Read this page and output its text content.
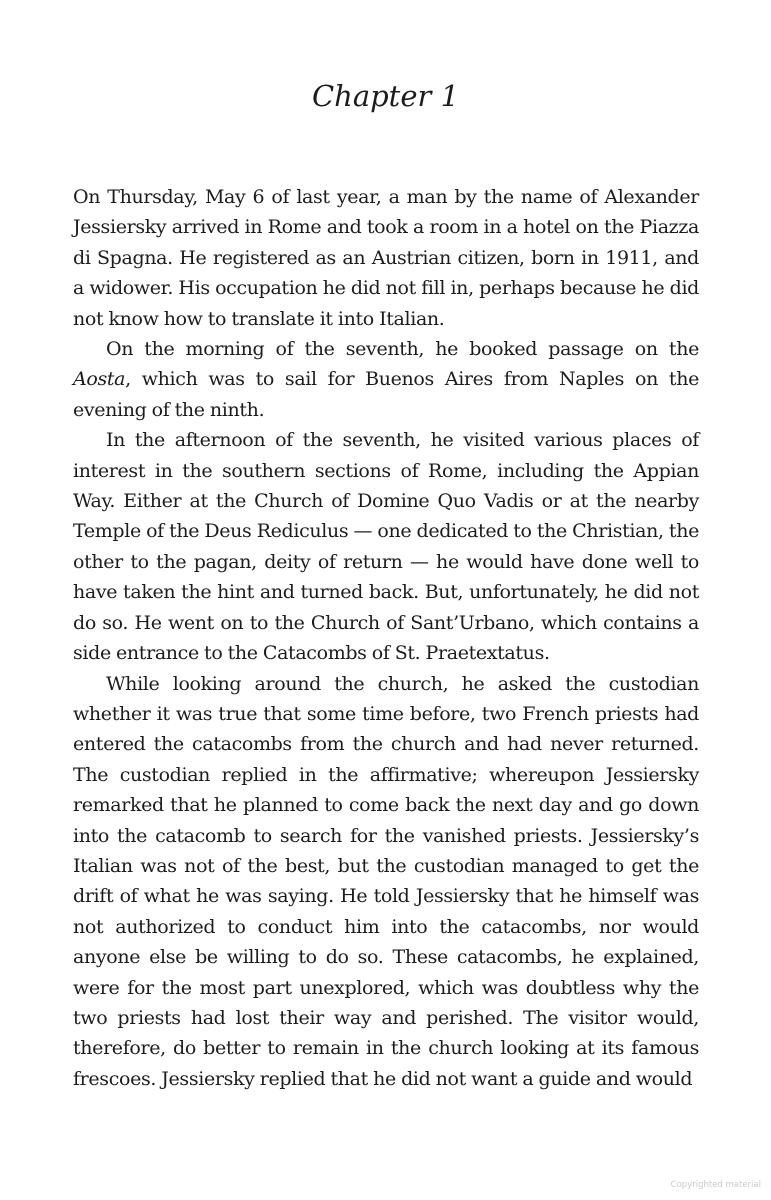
Chapter 1

On Thursday, May 6 of last year, a man by the name of Alexander Jessiersky arrived in Rome and took a room in a hotel on the Piazza di Spagna. He registered as an Austrian citizen, born in 1911, and a widower. His occupation he did not fill in, perhaps because he did not know how to translate it into Italian.

On the morning of the seventh, he booked passage on the Aosta, which was to sail for Buenos Aires from Naples on the evening of the ninth.

In the afternoon of the seventh, he visited various places of interest in the southern sections of Rome, including the Appian Way. Either at the Church of Domine Quo Vadis or at the nearby Temple of the Deus Rediculus — one dedicated to the Christian, the other to the pagan, deity of return — he would have done well to have taken the hint and turned back. But, unfortunately, he did not do so. He went on to the Church of Sant’Urbano, which contains a side entrance to the Catacombs of St. Praetextatus.

While looking around the church, he asked the custodian whether it was true that some time before, two French priests had entered the catacombs from the church and had never returned. The custodian replied in the affirmative; whereupon Jessiersky remarked that he planned to come back the next day and go down into the catacomb to search for the vanished priests. Jessiersky’s Italian was not of the best, but the custodian managed to get the drift of what he was saying. He told Jessiersky that he himself was not authorized to conduct him into the catacombs, nor would anyone else be willing to do so. These catacombs, he explained, were for the most part unexplored, which was doubtless why the two priests had lost their way and perished. The visitor would, therefore, do better to remain in the church looking at its famous frescoes. Jessiersky replied that he did not want a guide and would

Copyrighted material
